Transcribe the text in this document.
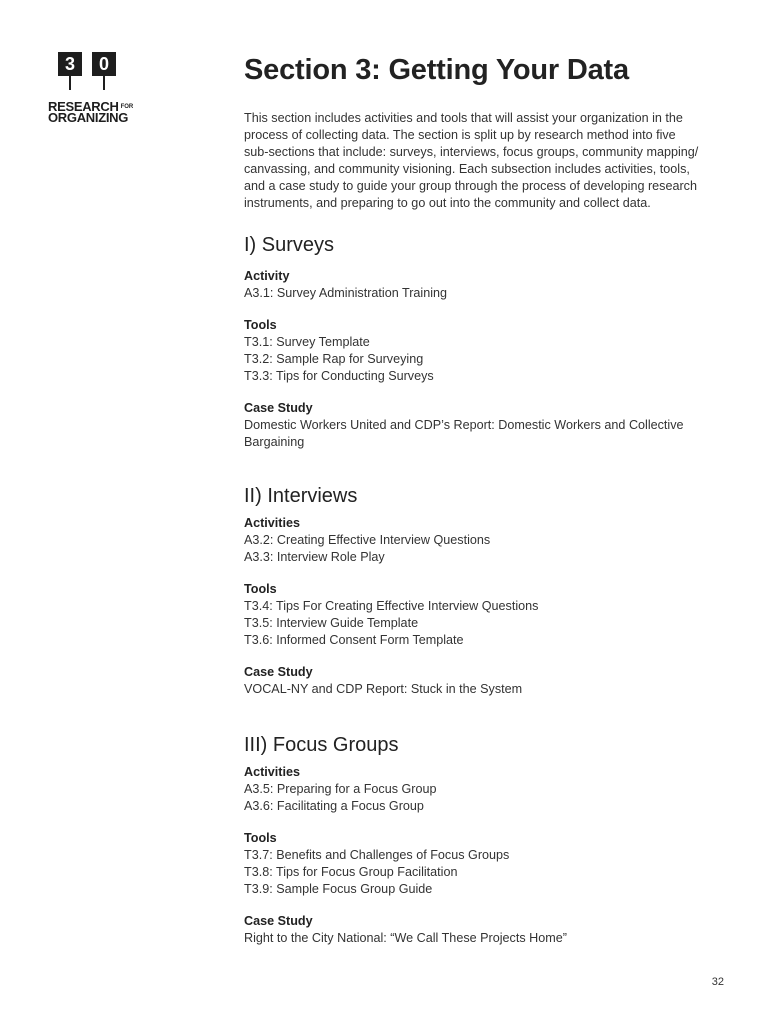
3	0
RESEARCH FOR
ORGANIZING
Section 3: Getting Your Data
This section includes activities and tools that will assist your organization in the
process of collecting data. The section is split up by research method into five
sub-sections that include: surveys, interviews, focus groups, community mapping/
canvassing, and community visioning. Each subsection includes activities, tools,
and a case study to guide your group through the process of developing research
instruments, and preparing to go out into the community and collect data.
I) Surveys
Activity
A3.1: Survey Administration Training
Tools
T3.1: Survey Template
T3.2: Sample Rap for Surveying
T3.3: Tips for Conducting Surveys
Case Study
Domestic Workers United and CDP’s Report: Domestic Workers and Collective
Bargaining
II) Interviews
Activities
A3.2: Creating Effective Interview Questions
A3.3: Interview Role Play
Tools
T3.4: Tips For Creating Effective Interview Questions
T3.5: Interview Guide Template
T3.6: Informed Consent Form Template
Case Study
VOCAL-NY and CDP Report: Stuck in the System
III) Focus Groups
Activities
A3.5: Preparing for a Focus Group
A3.6: Facilitating a Focus Group
Tools
T3.7: Benefits and Challenges of Focus Groups
T3.8: Tips for Focus Group Facilitation
T3.9: Sample Focus Group Guide
Case Study
Right to the City National: “We Call These Projects Home”
32
